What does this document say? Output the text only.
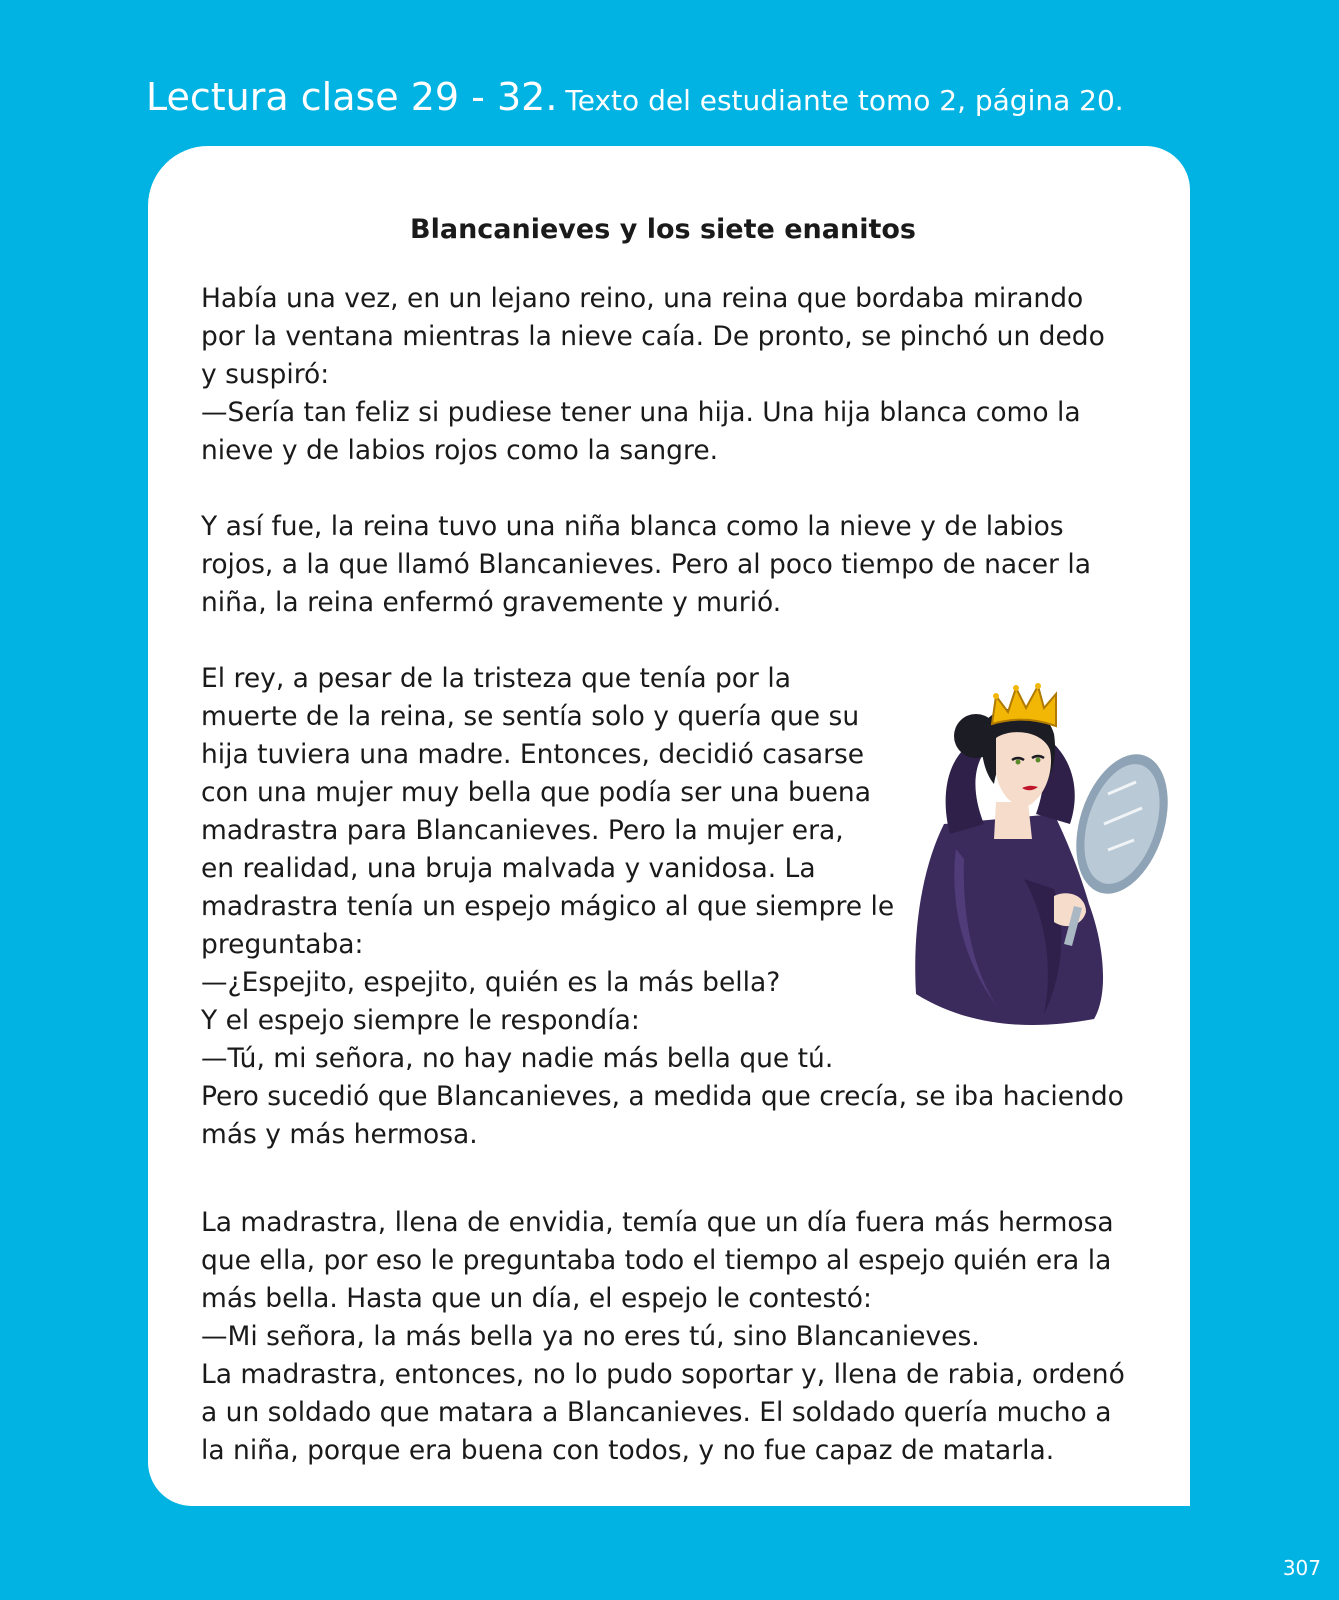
Lectura clase 29 - 32. Texto del estudiante tomo 2, página 20.
Blancanieves y los siete enanitos
Había una vez, en un lejano reino, una reina que bordaba mirando
por la ventana mientras la nieve caía. De pronto, se pinchó un dedo
y suspiró:
—Sería tan feliz si pudiese tener una hija. Una hija blanca como la
nieve y de labios rojos como la sangre.
Y así fue, la reina tuvo una niña blanca como la nieve y de labios
rojos, a la que llamó Blancanieves. Pero al poco tiempo de nacer la
niña, la reina enfermó gravemente y murió.
El rey, a pesar de la tristeza que tenía por la
muerte de la reina, se sentía solo y quería que su
hija tuviera una madre. Entonces, decidió casarse
con una mujer muy bella que podía ser una buena
madrastra para Blancanieves. Pero la mujer era,
en realidad, una bruja malvada y vanidosa. La
madrastra tenía un espejo mágico al que siempre le
preguntaba:
—¿Espejito, espejito, quién es la más bella?
Y el espejo siempre le respondía:
—Tú, mi señora, no hay nadie más bella que tú.
Pero sucedió que Blancanieves, a medida que crecía, se iba haciendo
más y más hermosa.
La madrastra, llena de envidia, temía que un día fuera más hermosa
que ella, por eso le preguntaba todo el tiempo al espejo quién era la
más bella. Hasta que un día, el espejo le contestó:
—Mi señora, la más bella ya no eres tú, sino Blancanieves.
La madrastra, entonces, no lo pudo soportar y, llena de rabia, ordenó
a un soldado que matara a Blancanieves. El soldado quería mucho a
la niña, porque era buena con todos, y no fue capaz de matarla.
307
